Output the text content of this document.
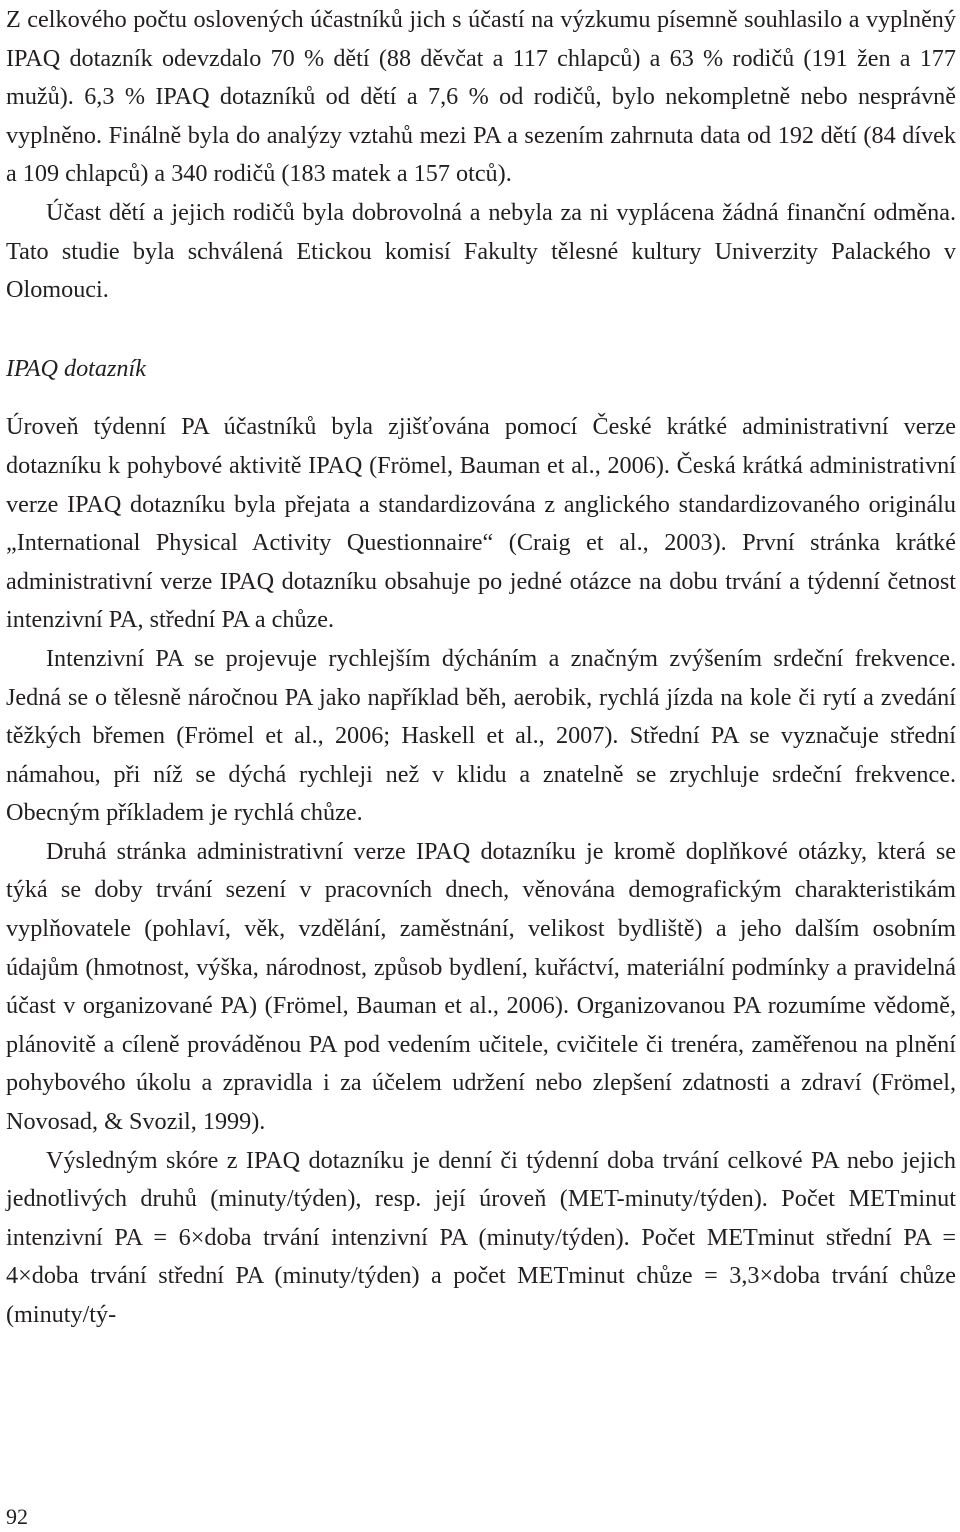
Z celkového počtu oslovených účastníků jich s účastí na výzkumu písemně souhlasilo a vyplněný IPAQ dotazník odevzdalo 70 % dětí (88 děvčat a 117 chlapců) a 63 % rodičů (191 žen a 177 mužů). 6,3 % IPAQ dotazníků od dětí a 7,6 % od rodičů, bylo nekompletně nebo nesprávně vyplněno. Finálně byla do analýzy vztahů mezi PA a sezením zahrnuta data od 192 dětí (84 dívek a 109 chlapců) a 340 rodičů (183 matek a 157 otců).

Účast dětí a jejich rodičů byla dobrovolná a nebyla za ni vyplácena žádná finanční odměna. Tato studie byla schválená Etickou komisí Fakulty tělesné kultury Univerzity Palackého v Olomouci.

IPAQ dotazník

Úroveň týdenní PA účastníků byla zjišťována pomocí České krátké administrativní verze dotazníku k pohybové aktivitě IPAQ (Frömel, Bauman et al., 2006). Česká krátká administrativní verze IPAQ dotazníku byla přejata a standardizována z anglického standardizovaného originálu „International Physical Activity Questionnaire“ (Craig et al., 2003). První stránka krátké administrativní verze IPAQ dotazníku obsahuje po jedné otázce na dobu trvání a týdenní četnost intenzivní PA, střední PA a chůze.

Intenzivní PA se projevuje rychlejším dýcháním a značným zvýšením srdeční frekvence. Jedná se o tělesně náročnou PA jako například běh, aerobik, rychlá jízda na kole či rytí a zvedání těžkých břemen (Frömel et al., 2006; Haskell et al., 2007). Střední PA se vyznačuje střední námahou, při níž se dýchá rychleji než v klidu a znatelně se zrychluje srdeční frekvence. Obecným příkladem je rychlá chůze.

Druhá stránka administrativní verze IPAQ dotazníku je kromě doplňkové otázky, která se týká se doby trvání sezení v pracovních dnech, věnována demografickým charakteristikám vyplňovatele (pohlaví, věk, vzdělání, zaměstnání, velikost bydliště) a jeho dalším osobním údajům (hmotnost, výška, národnost, způsob bydlení, kuřáctví, materiální podmínky a pravidelná účast v organizované PA) (Frömel, Bauman et al., 2006). Organizovanou PA rozumíme vědomě, plánovitě a cíleně prováděnou PA pod vedením učitele, cvičitele či trenéra, zaměřenou na plnění pohybového úkolu a zpravidla i za účelem udržení nebo zlepšení zdatnosti a zdraví (Frömel, Novosad, & Svozil, 1999).

Výsledným skóre z IPAQ dotazníku je denní či týdenní doba trvání celkové PA nebo jejich jednotlivých druhů (minuty/týden), resp. její úroveň (MET-minuty/týden). Počet METminut intenzivní PA = 6×doba trvání intenzivní PA (minuty/týden). Počet METminut střední PA = 4×doba trvání střední PA (minuty/týden) a počet METminut chůze = 3,3×doba trvání chůze (minuty/tý-

92
